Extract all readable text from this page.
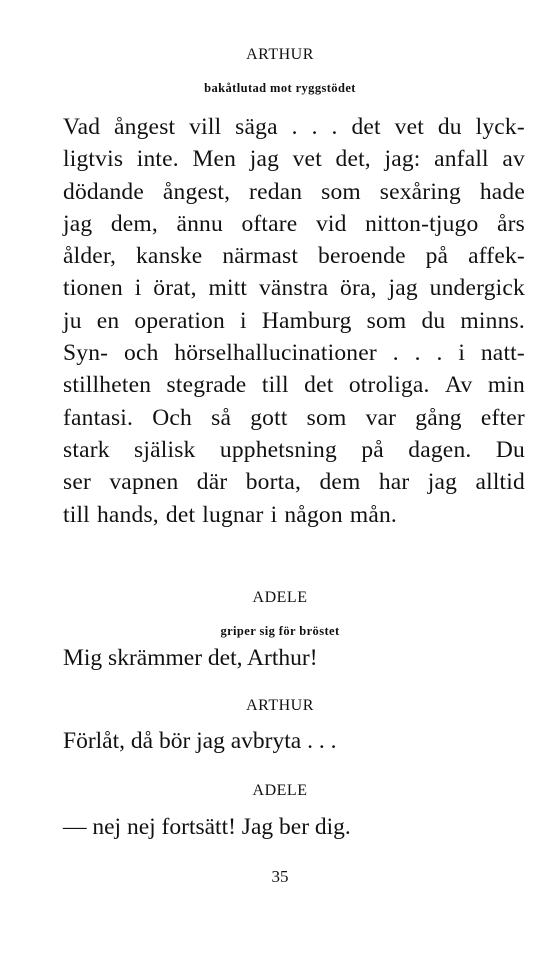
ARTHUR
bakåtlutad mot ryggstödet
Vad ångest vill säga . . . det vet du lyck-
ligtvis inte. Men jag vet det, jag: anfall av
dödande ångest, redan som sexåring hade
jag dem, ännu oftare vid nitton-tjugo års
ålder, kanske närmast beroende på affek-
tionen i örat, mitt vänstra öra, jag undergick
ju en operation i Hamburg som du minns.
Syn- och hörselhallucinationer . . . i natt-
stillheten stegrade till det otroliga. Av min
fantasi. Och så gott som var gång efter
stark själisk upphetsning på dagen. Du
ser vapnen där borta, dem har jag alltid
till hands, det lugnar i någon mån.
ADELE
griper sig för bröstet
Mig skrämmer det, Arthur!
ARTHUR
Förlåt, då bör jag avbryta . . .
ADELE
— nej nej fortsätt! Jag ber dig.
35
